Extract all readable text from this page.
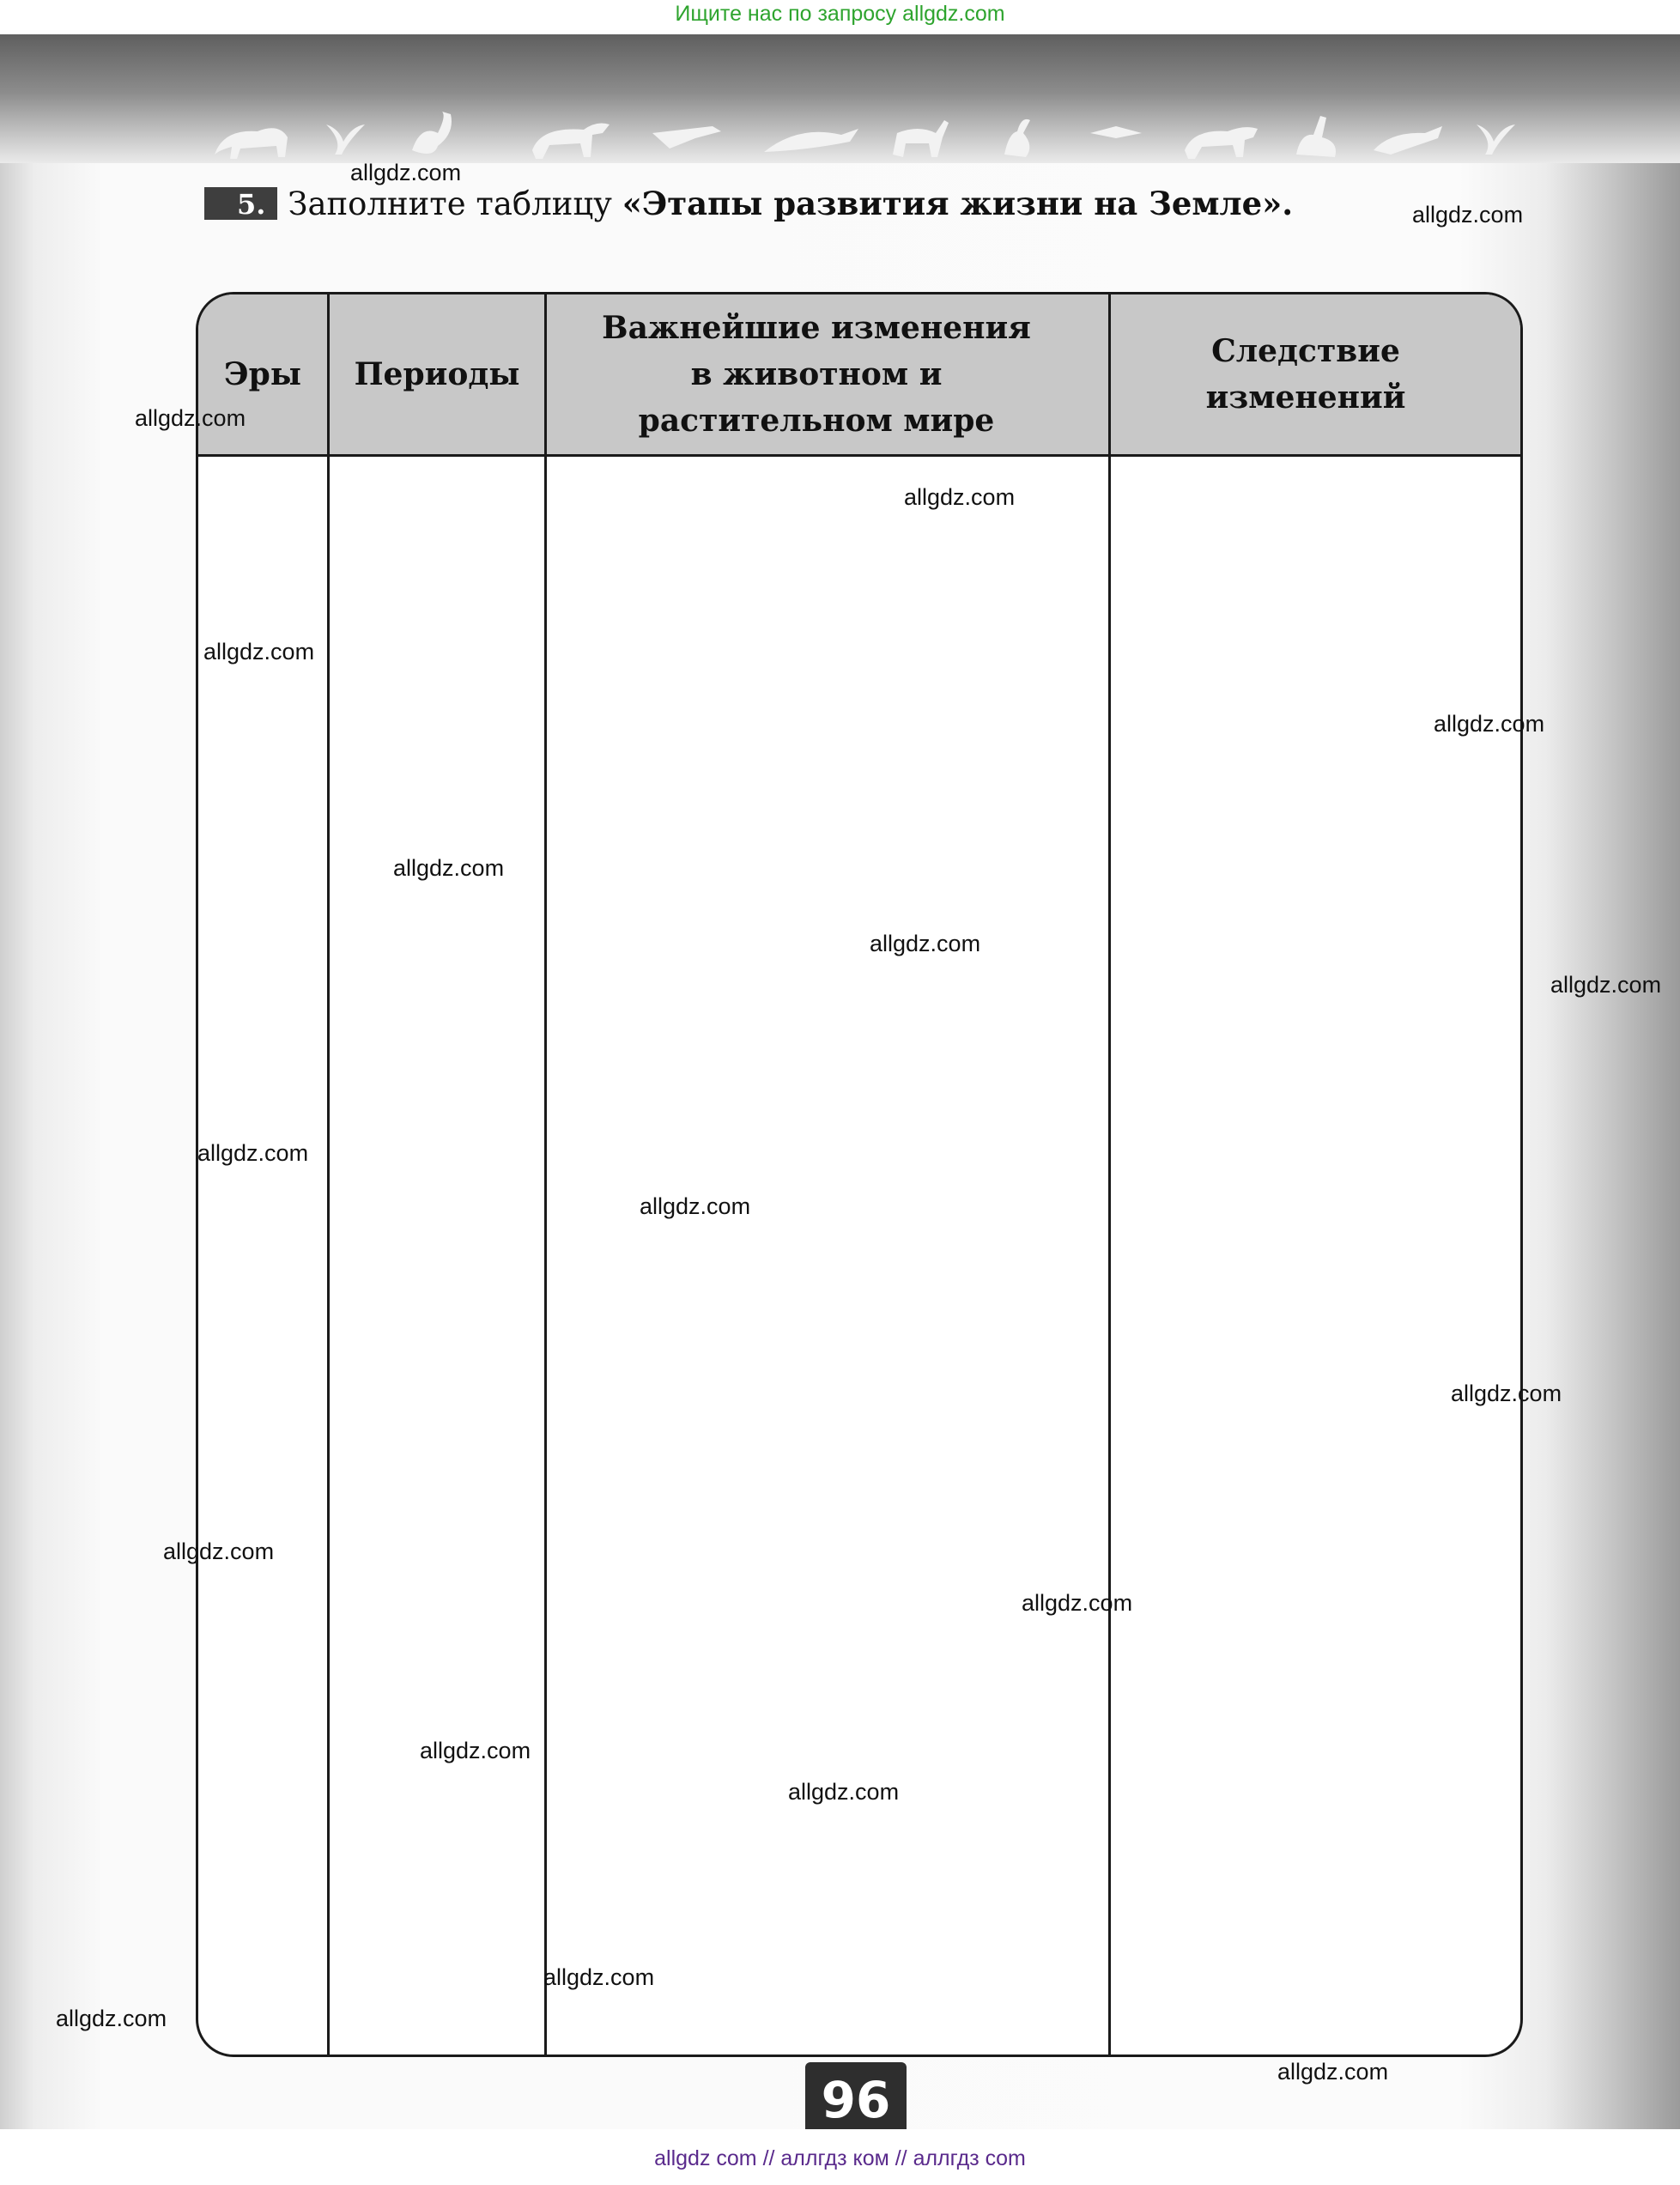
Ищите нас по запросу allgdz.com
5. Заполните таблицу «Этапы развития жизни на Земле».
Эры	Периоды
Важнейшие изменения в животном и растительном мире
Следствие изменений
96
allgdz.com
allgdz.com
allgdz.com
allgdz.com
allgdz.com
allgdz.com
allgdz.com
allgdz.com
allgdz.com
allgdz.com
allgdz.com
allgdz.com
allgdz.com
allgdz.com
allgdz.com
allgdz.com
allgdz.com
allgdz.com
allgdz.com
allgdz com // аллгдз ком // аллгдз com
